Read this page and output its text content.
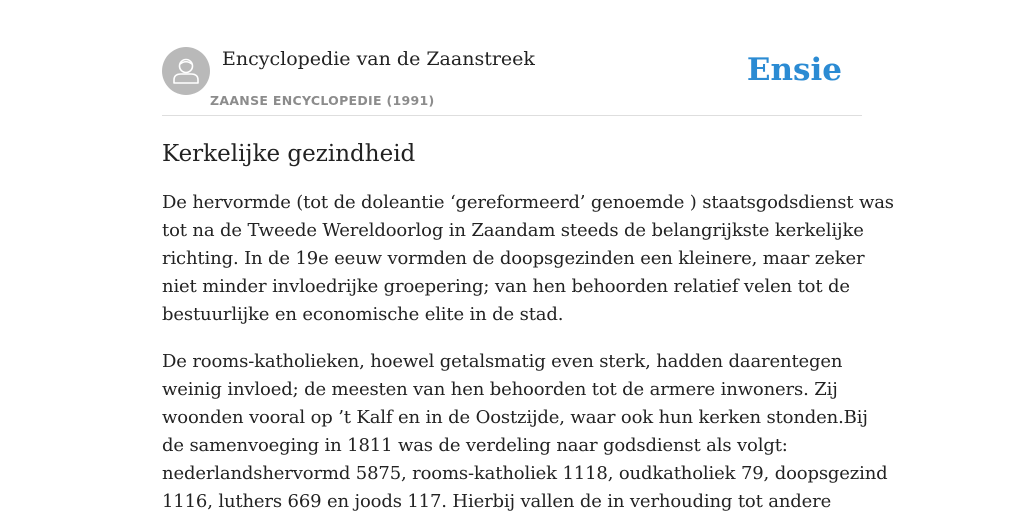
Encyclopedie van de Zaanstreek
ZAANSE ENCYCLOPEDIE (1991)
Ensie
Kerkelijke gezindheid

De hervormde (tot de doleantie ‘gereformeerd’ genoemde ) staatsgodsdienst was
tot na de Tweede Wereldoorlog in Zaandam steeds de belangrijkste kerkelijke
richting. In de 19e eeuw vormden de doopsgezinden een kleinere, maar zeker
niet minder invloedrijke groepering; van hen behoorden relatief velen tot de
bestuurlijke en economische elite in de stad.

De rooms-katholieken, hoewel getalsmatig even sterk, hadden daarentegen
weinig invloed; de meesten van hen behoorden tot de armere inwoners. Zij
woonden vooral op ’t Kalf en in de Oostzijde, waar ook hun kerken stonden.Bij
de samenvoeging in 1811 was de verdeling naar godsdienst als volgt:
nederlandshervormd 5875, rooms-katholiek 1118, oudkatholiek 79, doopsgezind
1116, luthers 669 en joods 117. Hierbij vallen de in verhouding tot andere
